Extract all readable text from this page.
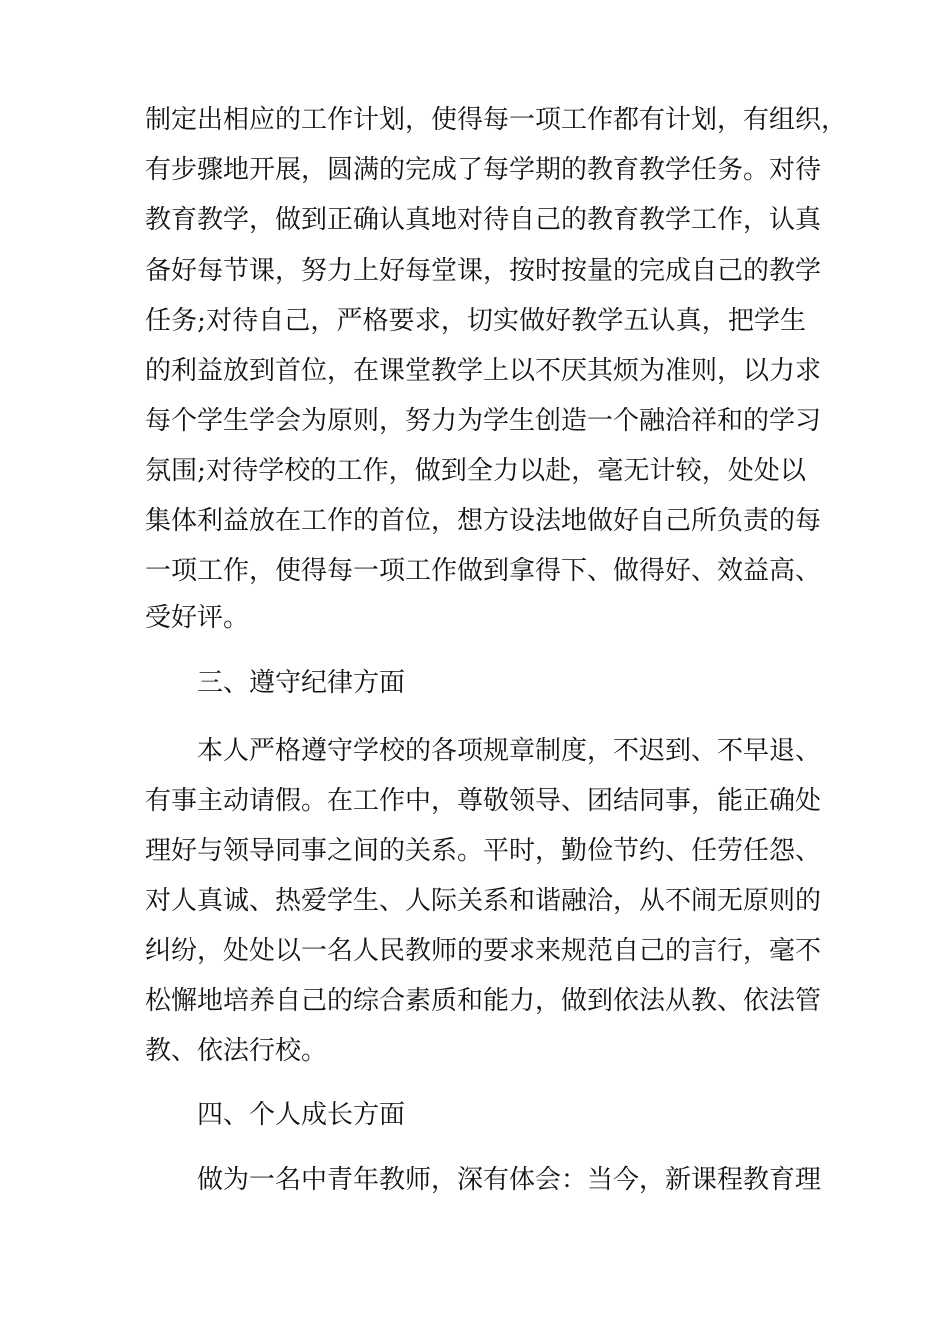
制定出相应的工作计划，使得每一项工作都有计划，有组织，
有步骤地开展，圆满的完成了每学期的教育教学任务。对待
教育教学，做到正确认真地对待自己的教育教学工作，认真
备好每节课，努力上好每堂课，按时按量的完成自己的教学
任务;对待自己，严格要求，切实做好教学五认真，把学生
的利益放到首位，在课堂教学上以不厌其烦为准则，以力求
每个学生学会为原则，努力为学生创造一个融洽祥和的学习
氛围;对待学校的工作，做到全力以赴，毫无计较，处处以
集体利益放在工作的首位，想方设法地做好自己所负责的每
一项工作，使得每一项工作做到拿得下、做得好、效益高、
受好评。
三、遵守纪律方面
本人严格遵守学校的各项规章制度，不迟到、不早退、
有事主动请假。在工作中，尊敬领导、团结同事，能正确处
理好与领导同事之间的关系。平时，勤俭节约、任劳任怨、
对人真诚、热爱学生、人际关系和谐融洽，从不闹无原则的
纠纷，处处以一名人民教师的要求来规范自己的言行，毫不
松懈地培养自己的综合素质和能力，做到依法从教、依法管
教、依法行校。
四、个人成长方面
做为一名中青年教师，深有体会：当今，新课程教育理
